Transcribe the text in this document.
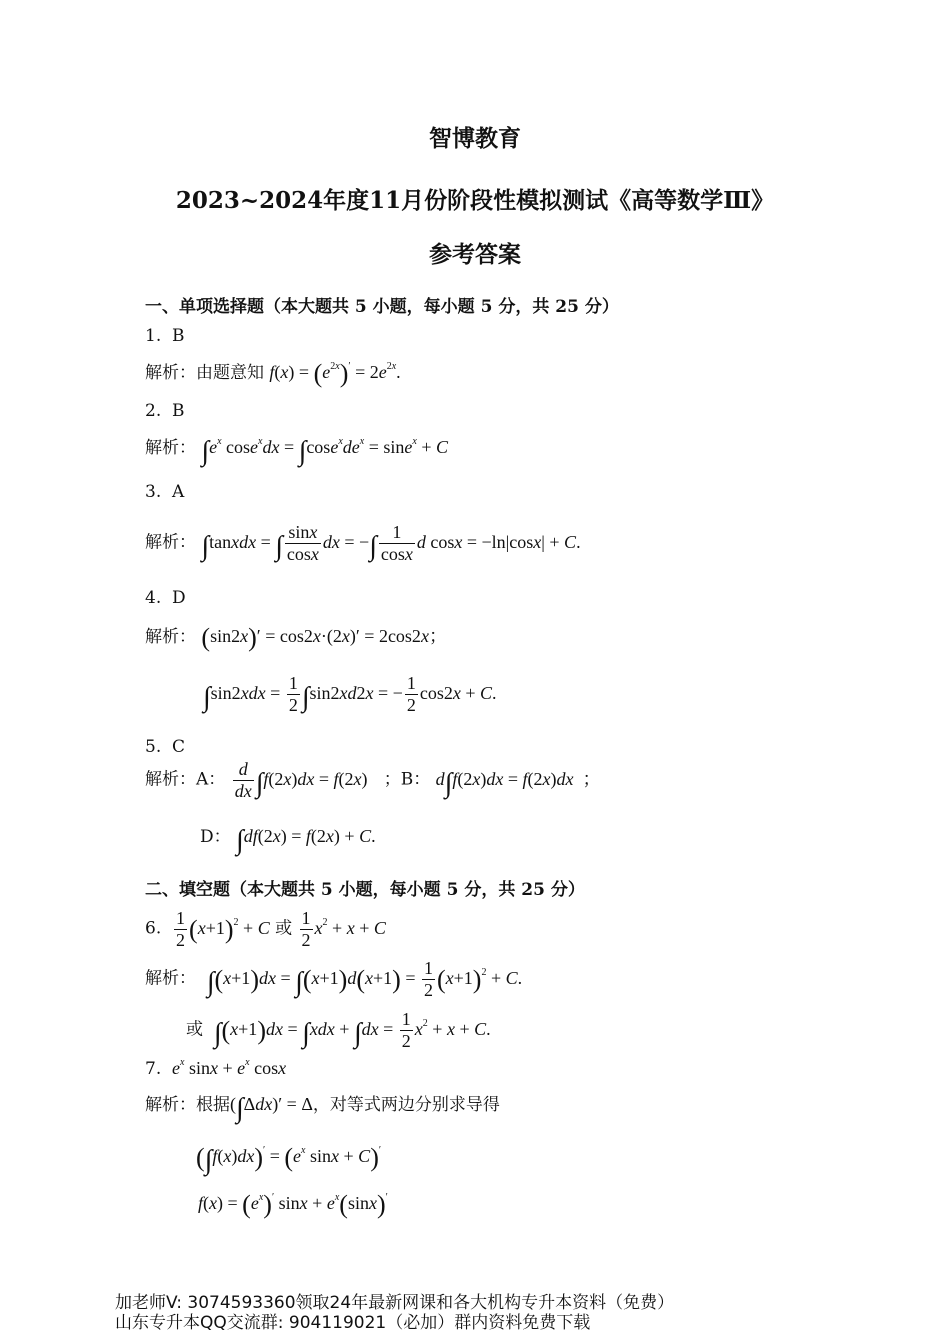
智博教育
2023~2024年度11月份阶段性模拟测试《高等数学Ⅲ》
参考答案
一、单项选择题（本大题共 5 小题，每小题 5 分，共 25 分）
1. B
解析：由题意知 $f(x) = (e^{2x})' = 2e^{2x}$.
2. B
解析： $\int e^x$ $\cos e^xdx = \int\cos e^xde^x = \sin e^x + C$
3. A
解析： ∫tanxdx = ∫ $\frac{\sin x}{\cos x}$ dx = −∫ $\frac{1}{\cos x}$ d cosx = −ln|cosx| + C.
4. D
解析： (sin2x)′ = cos2x·(2x)′ = 2cos2x；
$\int\sin 2xdx = \frac{1}{2} \int\sin 2xd2x$ = − $\frac{1}{2} \cos 2x + C$.
5. C
解析：A： $\frac{d}{dx} \int f(2x)dx = f(2x)$ ；B： d∫f(2x)dx = f(2x)dx  ；
D： ∫df(2x) = f(2x) + C.
二、填空题（本大题共 5 小题，每小题 5 分，共 25 分）
6. $\frac{1}{2} (x+1)^2 + C$ 或 $\frac{1}{2} x^2 + x + C$
解析： $\int(x+1)dx = \int(x+1)d(x+1) = \frac{1}{2} (x+1)^2 + C$.
或 $\int(x+1)dx = \int xdx + \int dx = \frac{1}{2} x^2 + x + C$.
7. $e^x$ $\sin x + e^x$ cosx
解析：根据(∫Δdx)′ = Δ，对等式两边分别求导得
$(\int f(x)dx)' = (e^x$ sinx + C)′
$f(x) = (e^x)'$ $\sin x + e^x(\sin x)'$
加老师V: 3074593360领取24年最新网课和各大机构专升本资料（免费）
山东专升本QQ交流群: 904119021（必加）群内资料免费下载
